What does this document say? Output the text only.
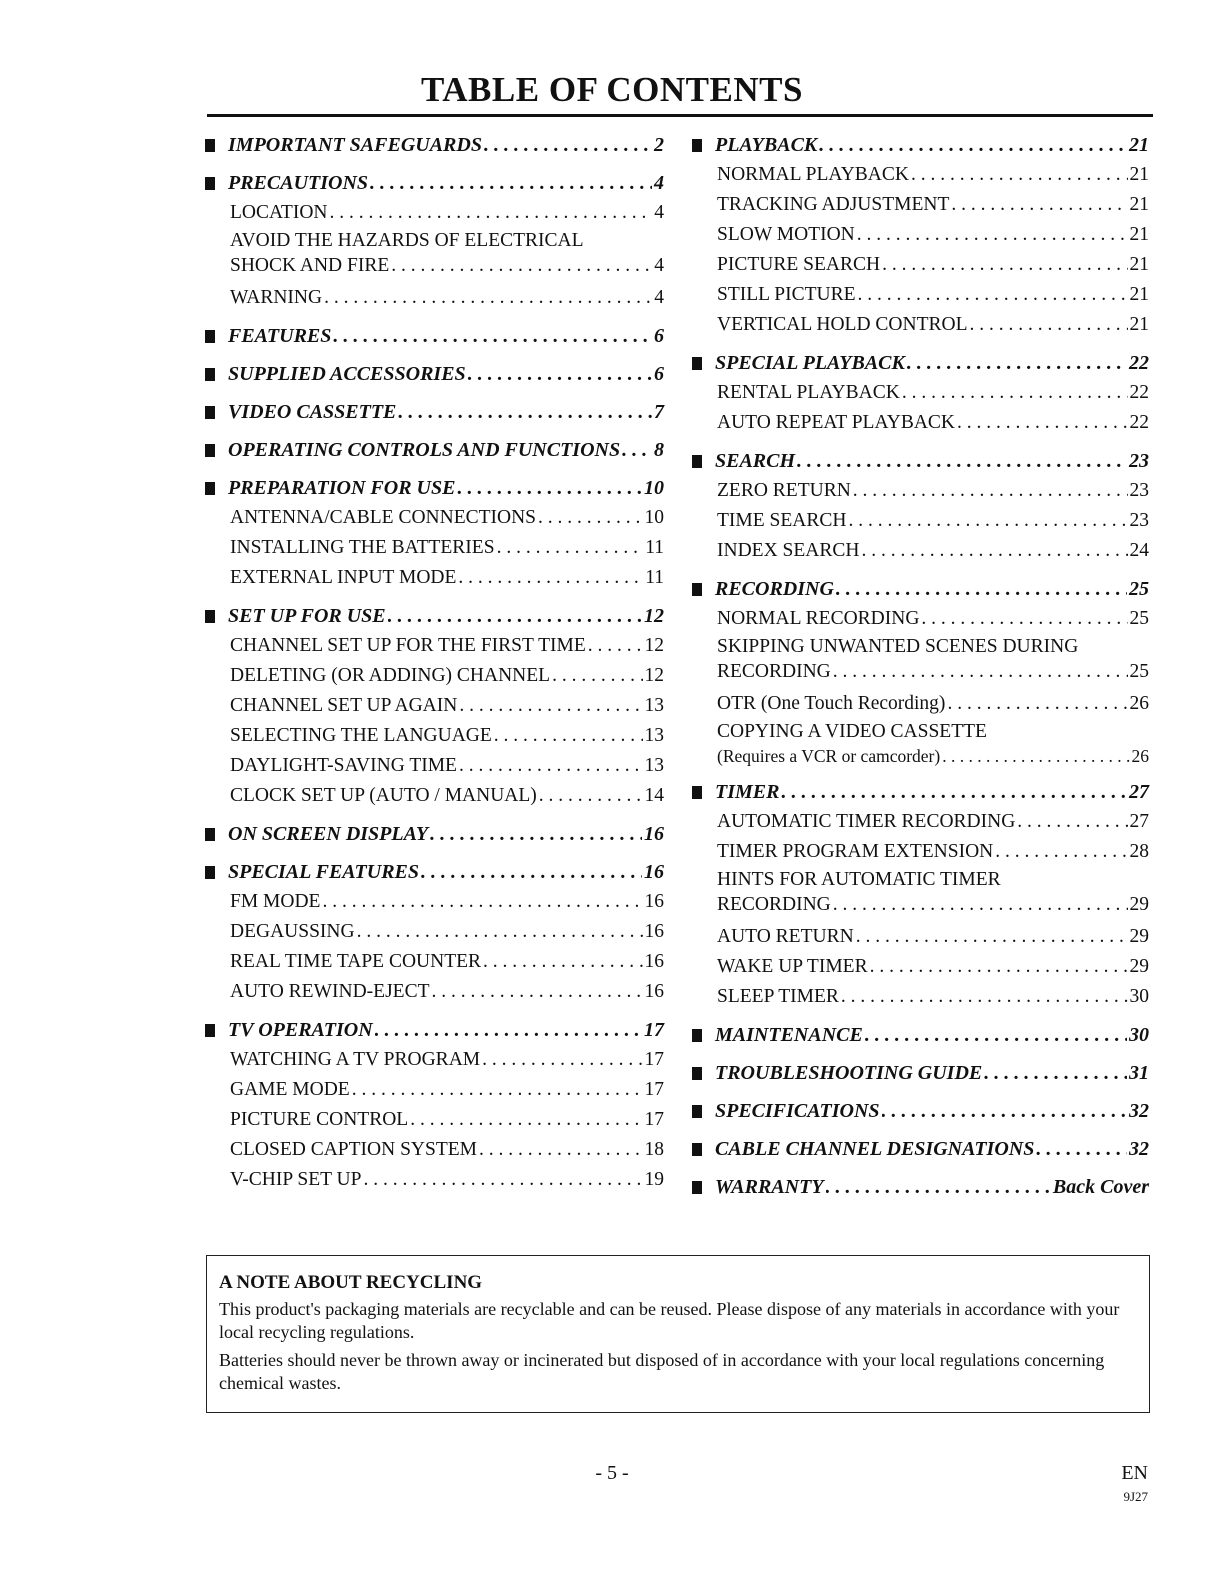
TABLE OF CONTENTS
IMPORTANT SAFEGUARDS . . .	2
PRECAUTIONS . . .	4
LOCATION . . .	4
AVOID THE HAZARDS OF ELECTRICAL
SHOCK AND FIRE . . .	4
WARNING . . .	4
FEATURES . . .	6
SUPPLIED ACCESSORIES . . .	6
VIDEO CASSETTE . . .	7
OPERATING CONTROLS AND FUNCTIONS . . . 8
PREPARATION FOR USE . . .	10
ANTENNA/CABLE CONNECTIONS . . .	10
INSTALLING THE BATTERIES . . .	11
EXTERNAL INPUT MODE . . .	11
SET UP FOR USE . . .	12
CHANNEL SET UP FOR THE FIRST TIME . . .	12
DELETING (OR ADDING) CHANNEL . . .	12
CHANNEL SET UP AGAIN . . .	13
SELECTING THE LANGUAGE . . .	13
DAYLIGHT-SAVING TIME . . .	13
CLOCK SET UP (AUTO / MANUAL) . . .	14
ON SCREEN DISPLAY . . .	16
SPECIAL FEATURES . . .	16
FM MODE . . .	16
DEGAUSSING . . .	16
REAL TIME TAPE COUNTER . . .	16
AUTO REWIND-EJECT . . .	16
TV OPERATION . . .	17
WATCHING A TV PROGRAM . . .	17
GAME MODE . . .	17
PICTURE CONTROL . . .	17
CLOSED CAPTION SYSTEM . . .	18
V-CHIP SET UP . . .	19
PLAYBACK . . .	21
NORMAL PLAYBACK . . .	21
TRACKING ADJUSTMENT . . .	21
SLOW MOTION . . .	21
PICTURE SEARCH . . .	21
STILL PICTURE . . .	21
VERTICAL HOLD CONTROL . . .	21
SPECIAL PLAYBACK . . .	22
RENTAL PLAYBACK . . .	22
AUTO REPEAT PLAYBACK . . .	22
SEARCH . . .	23
ZERO RETURN . . .	23
TIME SEARCH . . .	23
INDEX SEARCH . . .	24
RECORDING . . .	25
NORMAL RECORDING . . .	25
SKIPPING UNWANTED SCENES DURING
RECORDING . . .	25
OTR (One Touch Recording) . . .	26
COPYING A VIDEO CASSETTE
(Requires a VCR or camcorder) . . .	26
TIMER . . .	27
AUTOMATIC TIMER RECORDING . . .	27
TIMER PROGRAM EXTENSION . . .	28
HINTS FOR AUTOMATIC TIMER
RECORDING . . .	29
AUTO RETURN . . .	29
WAKE UP TIMER . . .	29
SLEEP TIMER . . .	30
MAINTENANCE . . .	30
TROUBLESHOOTING GUIDE . . .	31
SPECIFICATIONS . . .	32
CABLE CHANNEL DESIGNATIONS . . .	32
WARRANTY . . .	Back Cover
A NOTE ABOUT RECYCLING
This product's packaging materials are recyclable and can be reused. Please dispose of any materials in accordance with your local recycling regulations.
Batteries should never be thrown away or incinerated but disposed of in accordance with your local regulations concerning chemical wastes.
- 5 -	EN
9J27
